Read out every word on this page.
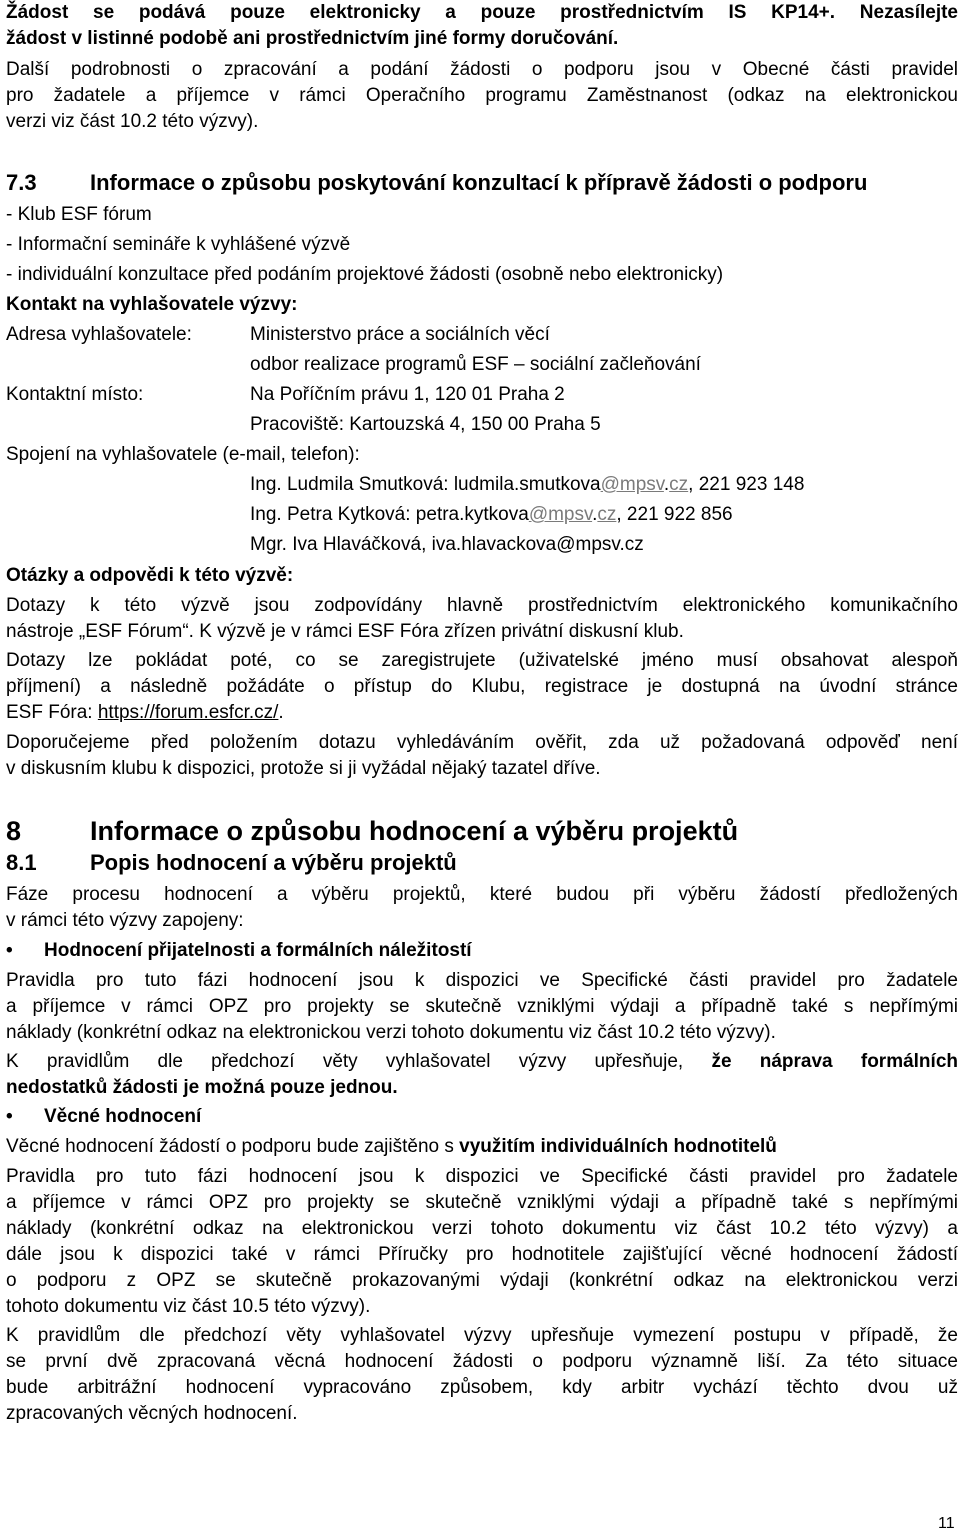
Žádost se podává pouze elektronicky a pouze prostřednictvím IS KP14+. Nezasílejte
žádost v listinné podobě ani prostřednictvím jiné formy doručování.
Další podrobnosti o zpracování a podání žádosti o podporu jsou v Obecné části pravidel
pro žadatele a příjemce v rámci Operačního programu Zaměstnanost (odkaz na elektronickou
verzi viz část 10.2 této výzvy).
7.3 Informace o způsobu poskytování konzultací k přípravě žádosti o podporu
- Klub ESF fórum
- Informační semináře k vyhlášené výzvě
- individuální konzultace před podáním projektové žádosti (osobně nebo elektronicky)
Kontakt na vyhlašovatele výzvy:
Adresa vyhlašovatele:	Ministerstvo práce a sociálních věcí
odbor realizace programů ESF – sociální začleňování
Kontaktní místo:	Na Poříčním právu 1, 120 01 Praha 2
Pracoviště: Kartouzská 4, 150 00 Praha 5
Spojení na vyhlašovatele (e-mail, telefon):
Ing. Ludmila Smutková: ludmila.smutkova@mpsv.cz, 221 923 148
Ing. Petra Kytková: petra.kytkova@mpsv.cz, 221 922 856
Mgr. Iva Hlaváčková, iva.hlavackova@mpsv.cz
Otázky a odpovědi k této výzvě:
Dotazy k této výzvě jsou zodpovídány hlavně prostřednictvím elektronického komunikačního
nástroje „ESF Fórum“. K výzvě je v rámci ESF Fóra zřízen privátní diskusní klub.
Dotazy lze pokládat poté, co se zaregistrujete (uživatelské jméno musí obsahovat alespoň
příjmení) a následně požádáte o přístup do Klubu, registrace je dostupná na úvodní stránce
ESF Fóra: https://forum.esfcr.cz/.
Doporučejeme před položením dotazu vyhledáváním ověřit, zda už požadovaná odpověď není
v diskusním klubu k dispozici, protože si ji vyžádal nějaký tazatel dříve.
8	Informace o způsobu hodnocení a výběru projektů
8.1 Popis hodnocení a výběru projektů
Fáze procesu hodnocení a výběru projektů, které budou při výběru žádostí předložených
v rámci této výzvy zapojeny:
• Hodnocení přijatelnosti a formálních náležitostí
Pravidla pro tuto fázi hodnocení jsou k dispozici ve Specifické části pravidel pro žadatele
a příjemce v rámci OPZ pro projekty se skutečně vzniklými výdaji a případně také s nepřímými
náklady (konkrétní odkaz na elektronickou verzi tohoto dokumentu viz část 10.2 této výzvy).
K pravidlům dle předchozí věty vyhlašovatel výzvy upřesňuje, že náprava formálních
nedostatků žádosti je možná pouze jednou.
• Věcné hodnocení
Věcné hodnocení žádostí o podporu bude zajištěno s využitím individuálních hodnotitelů
Pravidla pro tuto fázi hodnocení jsou k dispozici ve Specifické části pravidel pro žadatele
a příjemce v rámci OPZ pro projekty se skutečně vzniklými výdaji a případně také s nepřímými
náklady (konkrétní odkaz na elektronickou verzi tohoto dokumentu viz část 10.2 této výzvy) a
dále jsou k dispozici také v rámci Příručky pro hodnotitele zajišťující věcné hodnocení žádostí
o podporu z OPZ se skutečně prokazovanými výdaji (konkrétní odkaz na elektronickou verzi
tohoto dokumentu viz část 10.5 této výzvy).
K pravidlům dle předchozí věty vyhlašovatel výzvy upřesňuje vymezení postupu v případě, že
se první dvě zpracovaná věcná hodnocení žádosti o podporu významně liší. Za této situace
bude arbitrážní hodnocení vypracováno způsobem, kdy arbitr vychází těchto dvou už
zpracovaných věcných hodnocení.
11
